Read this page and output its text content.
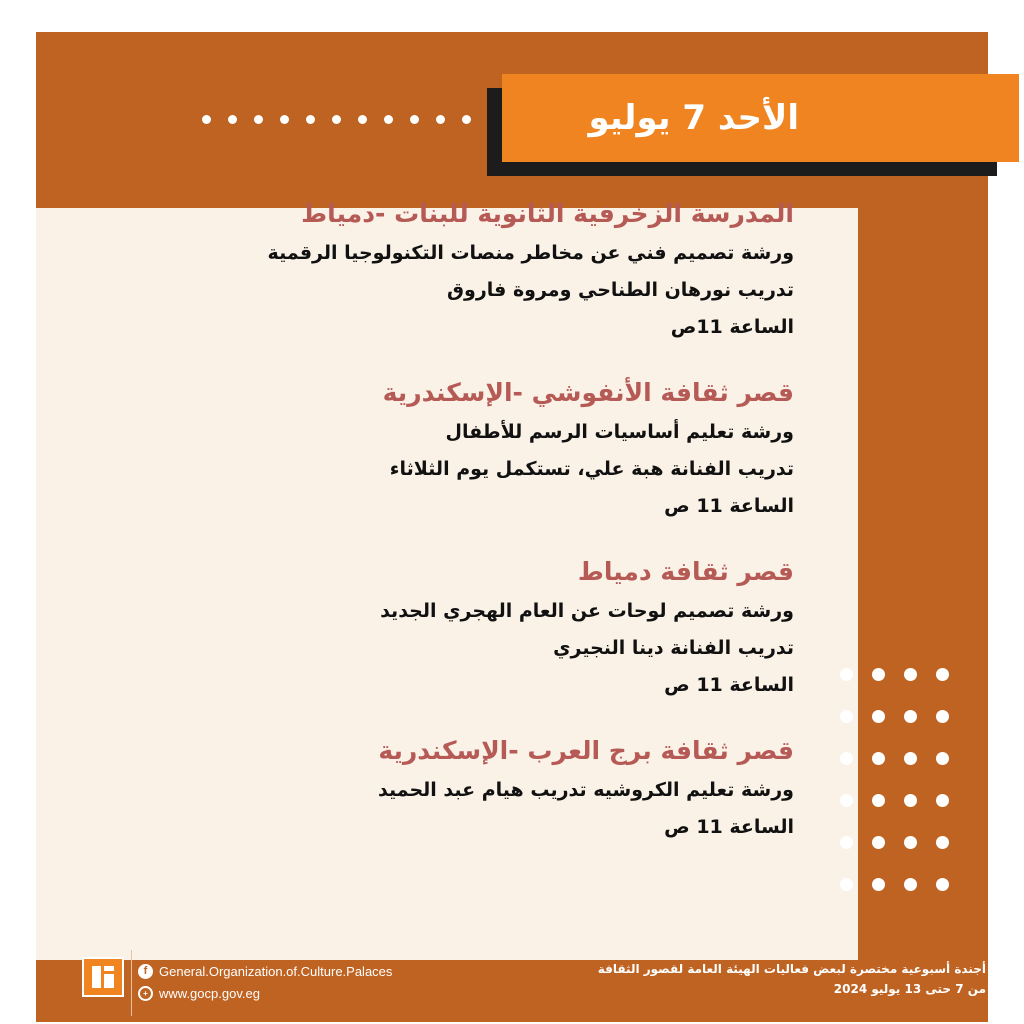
الأحد 7 يوليو
المدرسة الزخرفية الثانوية للبنات -دمياط
ورشة تصميم فني عن مخاطر منصات التكنولوجيا الرقمية
تدريب نورهان الطناحي ومروة فاروق
الساعة 11ص
قصر ثقافة الأنفوشي -الإسكندرية
ورشة تعليم أساسيات الرسم للأطفال
تدريب الفنانة هبة علي، تستكمل يوم الثلاثاء
الساعة 11 ص
قصر ثقافة دمياط
ورشة تصميم لوحات عن العام الهجري الجديد
تدريب الفنانة دينا النجيري
الساعة 11 ص
قصر ثقافة برج العرب -الإسكندرية
ورشة تعليم الكروشيه تدريب هيام عبد الحميد
الساعة 11 ص
f General.Organization.of.Culture.Palaces
+ www.gocp.gov.eg
أجندة أسبوعية مختصرة لبعض فعاليات الهيئة العامة لقصور الثقافة
من 7 حتى 13 يوليو 2024
